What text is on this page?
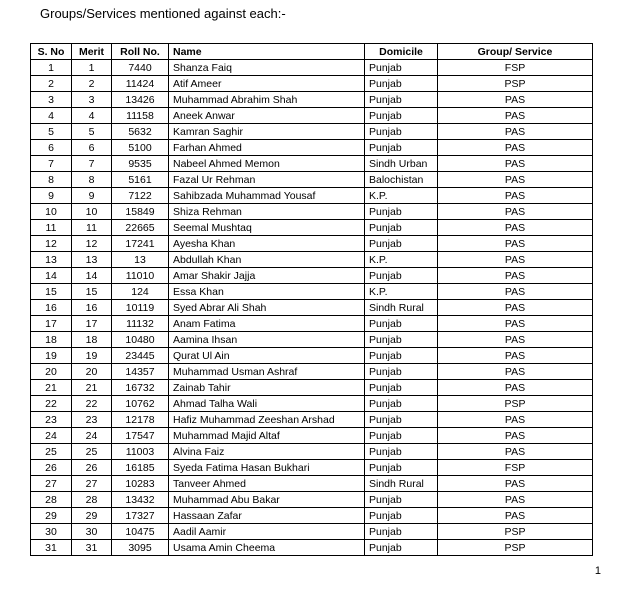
Groups/Services mentioned against each:-
S. No	Merit	Roll No.	Name	Domicile	Group/ Service
1	1	7440	Shanza Faiq	Punjab	FSP
2	2	11424	Atif Ameer	Punjab	PSP
3	3	13426	Muhammad Abrahim Shah	Punjab	PAS
4	4	11158	Aneek Anwar	Punjab	PAS
5	5	5632	Kamran Saghir	Punjab	PAS
6	6	5100	Farhan Ahmed	Punjab	PAS
7	7	9535	Nabeel Ahmed Memon	Sindh Urban	PAS
8	8	5161	Fazal Ur Rehman	Balochistan	PAS
9	9	7122	Sahibzada Muhammad Yousaf	K.P.	PAS
10	10	15849	Shiza Rehman	Punjab	PAS
11	11	22665	Seemal Mushtaq	Punjab	PAS
12	12	17241	Ayesha Khan	Punjab	PAS
13	13	13	Abdullah Khan	K.P.	PAS
14	14	11010	Amar Shakir Jajja	Punjab	PAS
15	15	124	Essa Khan	K.P.	PAS
16	16	10119	Syed Abrar Ali Shah	Sindh Rural	PAS
17	17	11132	Anam Fatima	Punjab	PAS
18	18	10480	Aamina Ihsan	Punjab	PAS
19	19	23445	Qurat Ul Ain	Punjab	PAS
20	20	14357	Muhammad Usman Ashraf	Punjab	PAS
21	21	16732	Zainab Tahir	Punjab	PAS
22	22	10762	Ahmad Talha Wali	Punjab	PSP
23	23	12178	Hafiz Muhammad Zeeshan Arshad	Punjab	PAS
24	24	17547	Muhammad Majid Altaf	Punjab	PAS
25	25	11003	Alvina Faiz	Punjab	PAS
26	26	16185	Syeda Fatima Hasan Bukhari	Punjab	FSP
27	27	10283	Tanveer Ahmed	Sindh Rural	PAS
28	28	13432	Muhammad Abu Bakar	Punjab	PAS
29	29	17327	Hassaan Zafar	Punjab	PAS
30	30	10475	Aadil Aamir	Punjab	PSP
31	31	3095	Usama Amin Cheema	Punjab	PSP
1
